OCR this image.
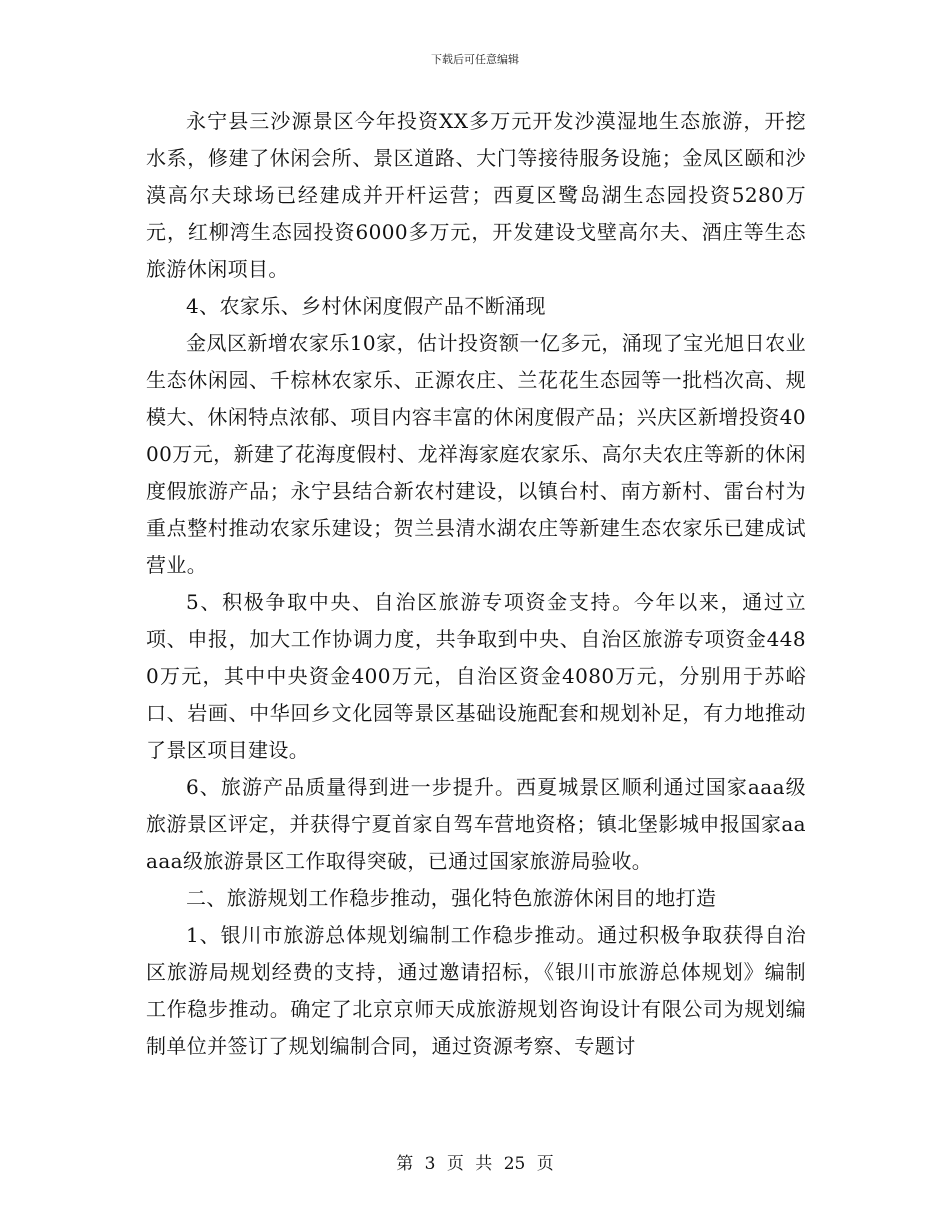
下载后可任意编辑

永宁县三沙源景区今年投资XX多万元开发沙漠湿地生态旅游，开挖水系，修建了休闲会所、景区道路、大门等接待服务设施；金凤区颐和沙漠高尔夫球场已经建成并开杆运营；西夏区鹭岛湖生态园投资5280万元，红柳湾生态园投资6000多万元，开发建设戈壁高尔夫、酒庄等生态旅游休闲项目。

4、农家乐、乡村休闲度假产品不断涌现

金凤区新增农家乐10家，估计投资额一亿多元，涌现了宝光旭日农业生态休闲园、千棕林农家乐、正源农庄、兰花花生态园等一批档次高、规模大、休闲特点浓郁、项目内容丰富的休闲度假产品；兴庆区新增投资4000万元，新建了花海度假村、龙祥海家庭农家乐、高尔夫农庄等新的休闲度假旅游产品；永宁县结合新农村建设，以镇台村、南方新村、雷台村为重点整村推动农家乐建设；贺兰县清水湖农庄等新建生态农家乐已建成试营业。

5、积极争取中央、自治区旅游专项资金支持。今年以来，通过立项、申报，加大工作协调力度，共争取到中央、自治区旅游专项资金4480万元，其中中央资金400万元，自治区资金4080万元，分别用于苏峪口、岩画、中华回乡文化园等景区基础设施配套和规划补足，有力地推动了景区项目建设。

6、旅游产品质量得到进一步提升。西夏城景区顺利通过国家aaa级旅游景区评定，并获得宁夏首家自驾车营地资格；镇北堡影城申报国家aaaaa级旅游景区工作取得突破，已通过国家旅游局验收。

二、旅游规划工作稳步推动，强化特色旅游休闲目的地打造

1、银川市旅游总体规划编制工作稳步推动。通过积极争取获得自治区旅游局规划经费的支持，通过邀请招标，《银川市旅游总体规划》编制工作稳步推动。确定了北京京师天成旅游规划咨询设计有限公司为规划编制单位并签订了规划编制合同，通过资源考察、专题讨

第 3 页 共 25 页
